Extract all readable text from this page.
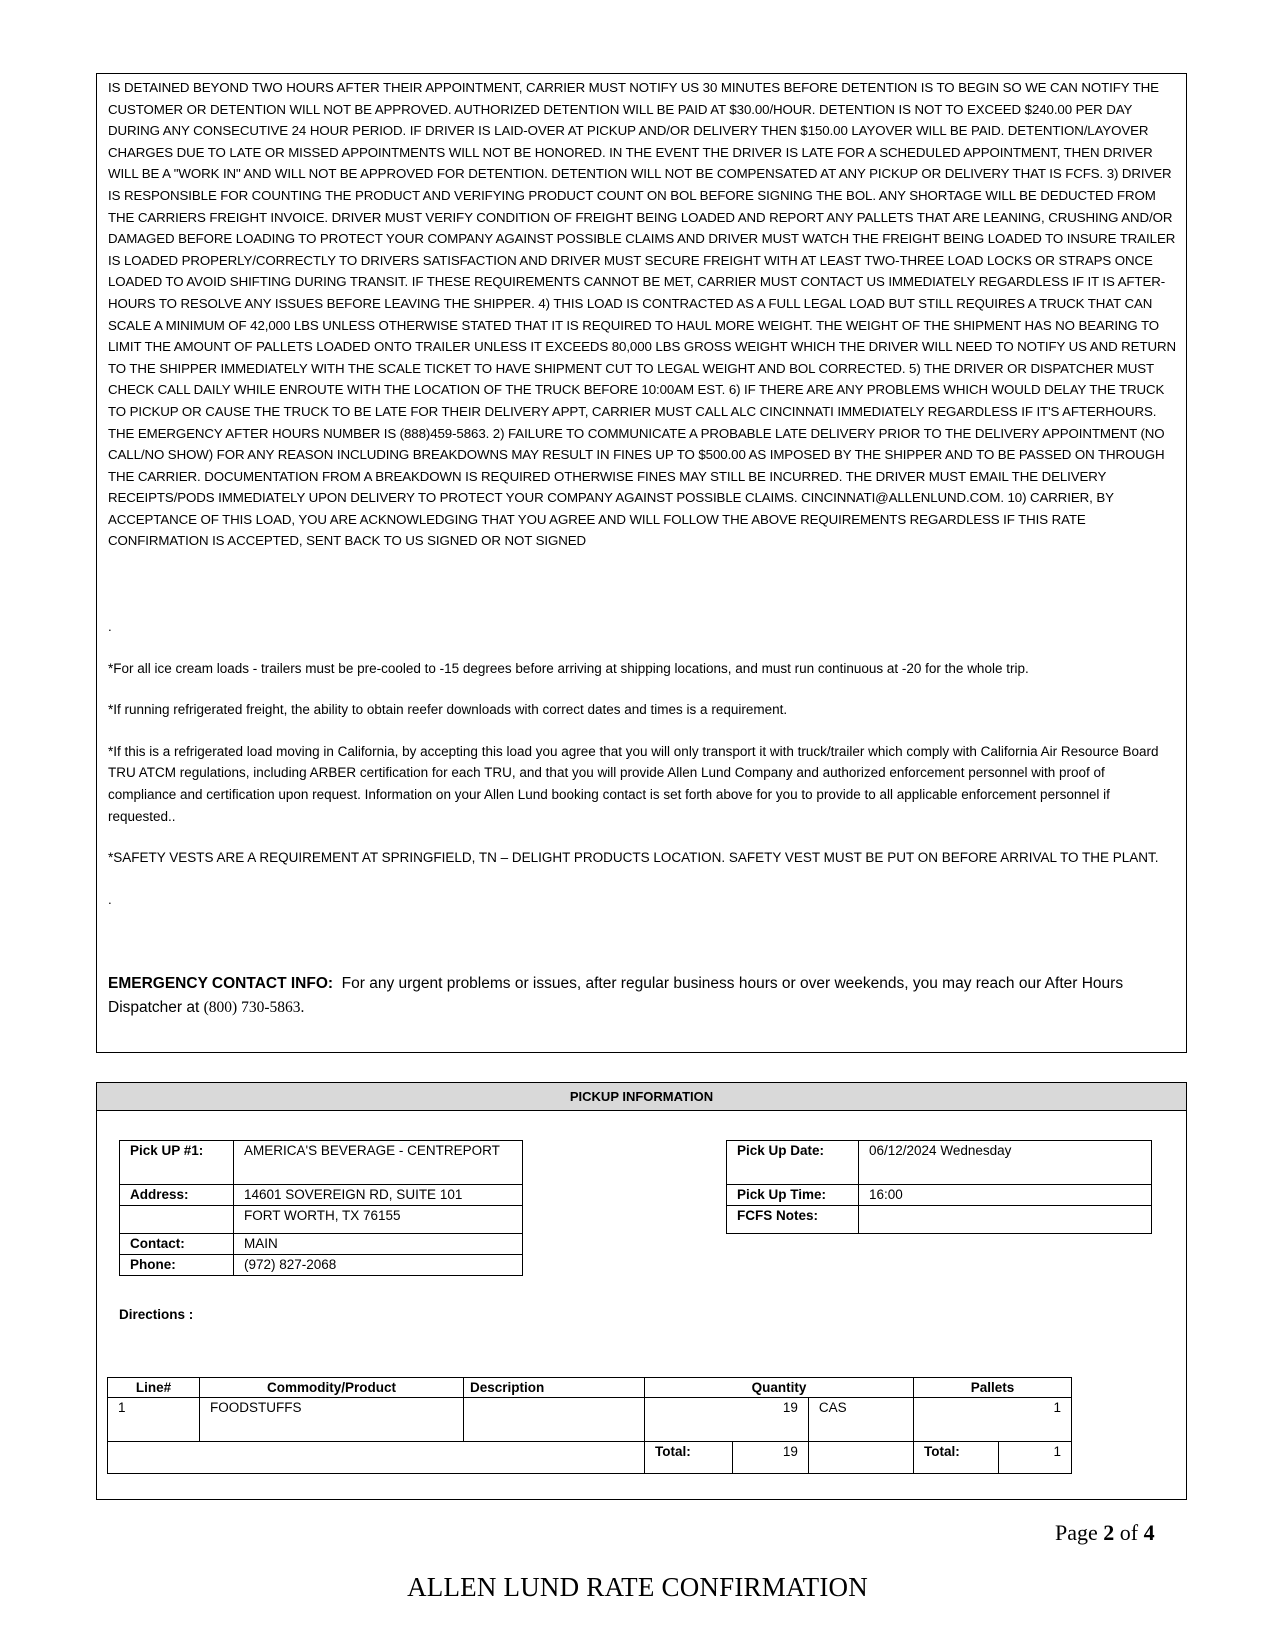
IS DETAINED BEYOND TWO HOURS AFTER THEIR APPOINTMENT, CARRIER MUST NOTIFY US 30 MINUTES BEFORE DETENTION IS TO BEGIN SO WE CAN NOTIFY THE CUSTOMER OR DETENTION WILL NOT BE APPROVED. AUTHORIZED DETENTION WILL BE PAID AT $30.00/HOUR. DETENTION IS NOT TO EXCEED $240.00 PER DAY DURING ANY CONSECUTIVE 24 HOUR PERIOD. IF DRIVER IS LAID-OVER AT PICKUP AND/OR DELIVERY THEN $150.00 LAYOVER WILL BE PAID. DETENTION/LAYOVER CHARGES DUE TO LATE OR MISSED APPOINTMENTS WILL NOT BE HONORED. IN THE EVENT THE DRIVER IS LATE FOR A SCHEDULED APPOINTMENT, THEN DRIVER WILL BE A "WORK IN" AND WILL NOT BE APPROVED FOR DETENTION. DETENTION WILL NOT BE COMPENSATED AT ANY PICKUP OR DELIVERY THAT IS FCFS. 3) DRIVER IS RESPONSIBLE FOR COUNTING THE PRODUCT AND VERIFYING PRODUCT COUNT ON BOL BEFORE SIGNING THE BOL. ANY SHORTAGE WILL BE DEDUCTED FROM THE CARRIERS FREIGHT INVOICE. DRIVER MUST VERIFY CONDITION OF FREIGHT BEING LOADED AND REPORT ANY PALLETS THAT ARE LEANING, CRUSHING AND/OR DAMAGED BEFORE LOADING TO PROTECT YOUR COMPANY AGAINST POSSIBLE CLAIMS AND DRIVER MUST WATCH THE FREIGHT BEING LOADED TO INSURE TRAILER IS LOADED PROPERLY/CORRECTLY TO DRIVERS SATISFACTION AND DRIVER MUST SECURE FREIGHT WITH AT LEAST TWO-THREE LOAD LOCKS OR STRAPS ONCE LOADED TO AVOID SHIFTING DURING TRANSIT. IF THESE REQUIREMENTS CANNOT BE MET, CARRIER MUST CONTACT US IMMEDIATELY REGARDLESS IF IT IS AFTER-HOURS TO RESOLVE ANY ISSUES BEFORE LEAVING THE SHIPPER. 4) THIS LOAD IS CONTRACTED AS A FULL LEGAL LOAD BUT STILL REQUIRES A TRUCK THAT CAN SCALE A MINIMUM OF 42,000 LBS UNLESS OTHERWISE STATED THAT IT IS REQUIRED TO HAUL MORE WEIGHT. THE WEIGHT OF THE SHIPMENT HAS NO BEARING TO LIMIT THE AMOUNT OF PALLETS LOADED ONTO TRAILER UNLESS IT EXCEEDS 80,000 LBS GROSS WEIGHT WHICH THE DRIVER WILL NEED TO NOTIFY US AND RETURN TO THE SHIPPER IMMEDIATELY WITH THE SCALE TICKET TO HAVE SHIPMENT CUT TO LEGAL WEIGHT AND BOL CORRECTED. 5) THE DRIVER OR DISPATCHER MUST CHECK CALL DAILY WHILE ENROUTE WITH THE LOCATION OF THE TRUCK BEFORE 10:00AM EST. 6) IF THERE ARE ANY PROBLEMS WHICH WOULD DELAY THE TRUCK TO PICKUP OR CAUSE THE TRUCK TO BE LATE FOR THEIR DELIVERY APPT, CARRIER MUST CALL ALC CINCINNATI IMMEDIATELY REGARDLESS IF IT'S AFTERHOURS. THE EMERGENCY AFTER HOURS NUMBER IS (888)459-5863. 2) FAILURE TO COMMUNICATE A PROBABLE LATE DELIVERY PRIOR TO THE DELIVERY APPOINTMENT (NO CALL/NO SHOW) FOR ANY REASON INCLUDING BREAKDOWNS MAY RESULT IN FINES UP TO $500.00 AS IMPOSED BY THE SHIPPER AND TO BE PASSED ON THROUGH THE CARRIER. DOCUMENTATION FROM A BREAKDOWN IS REQUIRED OTHERWISE FINES MAY STILL BE INCURRED. THE DRIVER MUST EMAIL THE DELIVERY RECEIPTS/PODS IMMEDIATELY UPON DELIVERY TO PROTECT YOUR COMPANY AGAINST POSSIBLE CLAIMS. CINCINNATI@ALLENLUND.COM. 10) CARRIER, BY ACCEPTANCE OF THIS LOAD, YOU ARE ACKNOWLEDGING THAT YOU AGREE AND WILL FOLLOW THE ABOVE REQUIREMENTS REGARDLESS IF THIS RATE CONFIRMATION IS ACCEPTED, SENT BACK TO US SIGNED OR NOT SIGNED

.

*For all ice cream loads - trailers must be pre-cooled to -15 degrees before arriving at shipping locations, and must run continuous at -20 for the whole trip.

*If running refrigerated freight, the ability to obtain reefer downloads with correct dates and times is a requirement.

*If this is a refrigerated load moving in California, by accepting this load you agree that you will only transport it with truck/trailer which comply with California Air Resource Board TRU ATCM regulations, including ARBER certification for each TRU, and that you will provide Allen Lund Company and authorized enforcement personnel with proof of compliance and certification upon request. Information on your Allen Lund booking contact is set forth above for you to provide to all applicable enforcement personnel if requested..

*SAFETY VESTS ARE A REQUIREMENT AT SPRINGFIELD, TN – DELIGHT PRODUCTS LOCATION. SAFETY VEST MUST BE PUT ON BEFORE ARRIVAL TO THE PLANT.

.

EMERGENCY CONTACT INFO: For any urgent problems or issues, after regular business hours or over weekends, you may reach our After Hours Dispatcher at (800) 730-5863.

PICKUP INFORMATION
Pick UP #1:	AMERICA'S BEVERAGE - CENTREPORT
Address:	14601 SOVEREIGN RD, SUITE 101
	FORT WORTH, TX 76155
Contact:	MAIN
Phone:	(972) 827-2068
Pick Up Date:	06/12/2024 Wednesday
Pick Up Time:	16:00
FCFS Notes:	
Directions :
Line#	Commodity/Product	Description	Quantity			Pallets	
1	FOODSTUFFS		19		CAS	1	
			Total:	19		Total:	1
Page 2 of 4
ALLEN LUND RATE CONFIRMATION
